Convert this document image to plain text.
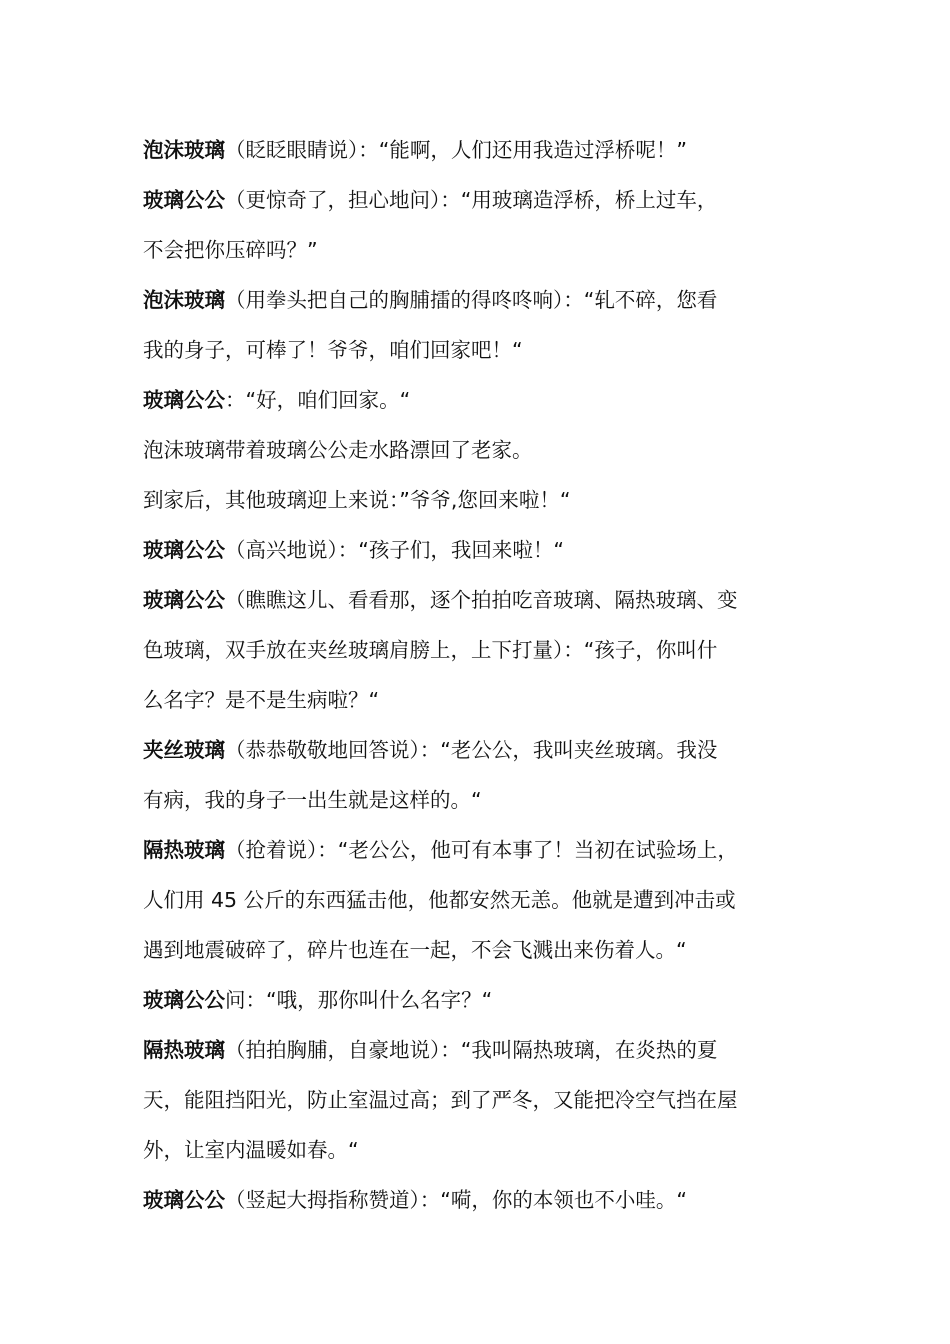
泡沫玻璃（眨眨眼睛说）：“能啊，人们还用我造过浮桥呢！”
玻璃公公（更惊奇了，担心地问）：“用玻璃造浮桥，桥上过车，
不会把你压碎吗？”
泡沫玻璃（用拳头把自己的胸脯擂的得咚咚响）：“轧不碎，您看
我的身子，可棒了！爷爷，咱们回家吧！“
玻璃公公：“好，咱们回家。“
泡沫玻璃带着玻璃公公走水路漂回了老家。
到家后，其他玻璃迎上来说：”爷爷,您回来啦！“
玻璃公公（高兴地说）：“孩子们，我回来啦！“
玻璃公公（瞧瞧这儿、看看那，逐个拍拍吃音玻璃、隔热玻璃、变
色玻璃，双手放在夹丝玻璃肩膀上，上下打量）：“孩子，你叫什
么名字？是不是生病啦？“
夹丝玻璃（恭恭敬敬地回答说）：“老公公，我叫夹丝玻璃。我没
有病，我的身子一出生就是这样的。“
隔热玻璃（抢着说）：“老公公，他可有本事了！当初在试验场上，
人们用 45 公斤的东西猛击他，他都安然无恙。他就是遭到冲击或
遇到地震破碎了，碎片也连在一起，不会飞溅出来伤着人。“
玻璃公公问：“哦，那你叫什么名字？“
隔热玻璃（拍拍胸脯，自豪地说）：“我叫隔热玻璃，在炎热的夏
天，能阻挡阳光，防止室温过高；到了严冬，又能把冷空气挡在屋
外，让室内温暖如春。“
玻璃公公（竖起大拇指称赞道）：“嗬，你的本领也不小哇。“
